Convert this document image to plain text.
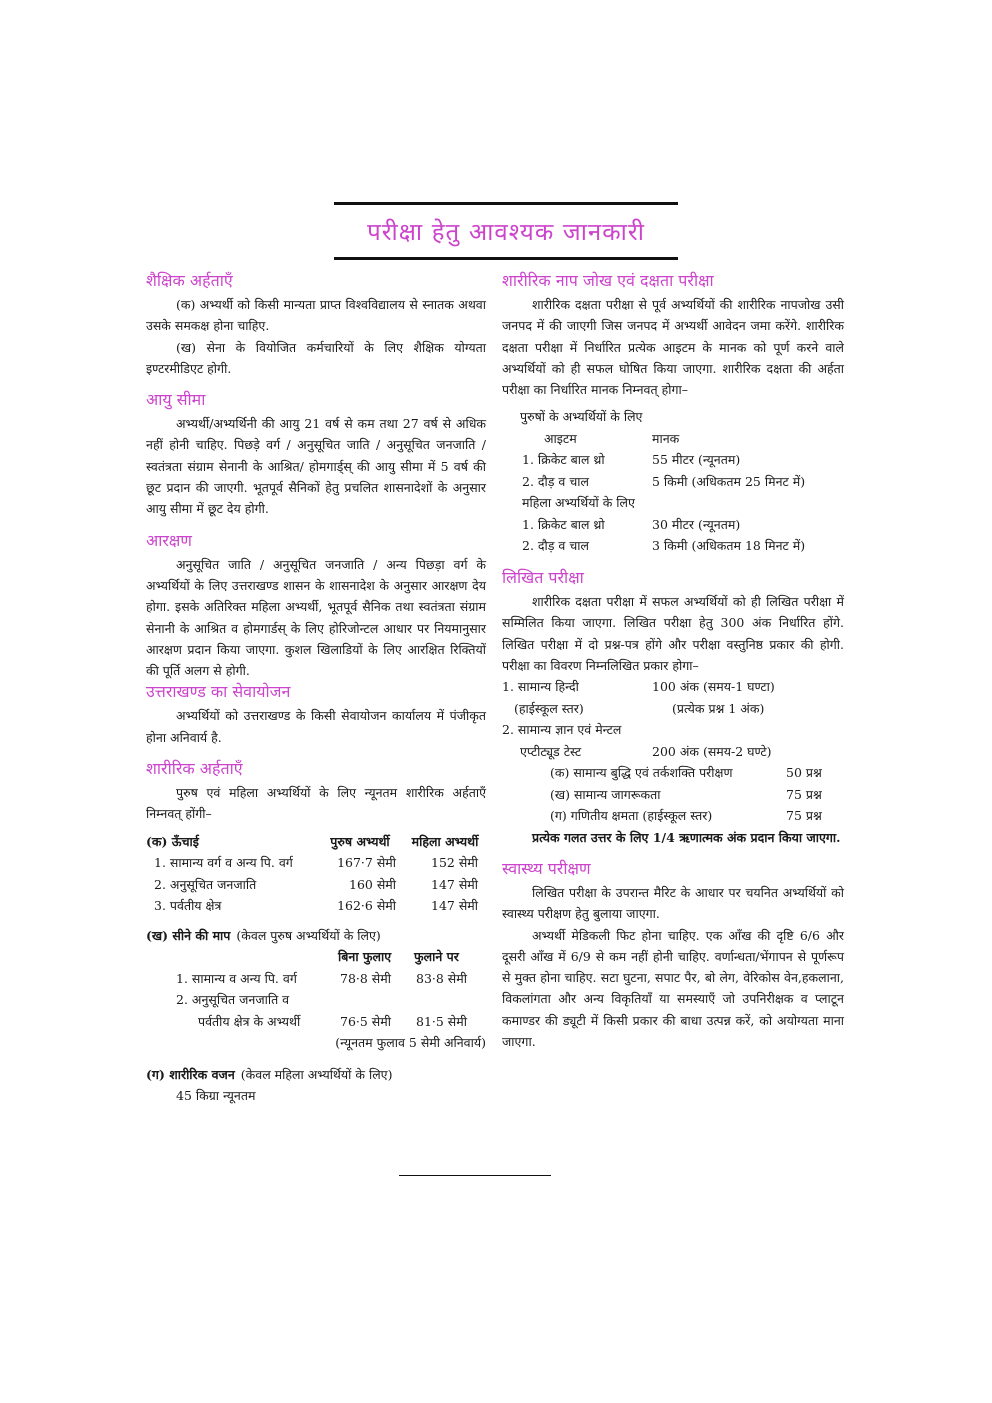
परीक्षा हेतु आवश्यक जानकारी
शैक्षिक अर्हताएँ

(क) अभ्यर्थी को किसी मान्यता प्राप्त विश्वविद्यालय से स्नातक अथवा उसके समकक्ष होना चाहिए.

(ख) सेना के वियोजित कर्मचारियों के लिए शैक्षिक योग्यता इण्टरमीडिएट होगी.

आयु सीमा

अभ्यर्थी/अभ्यर्थिनी की आयु 21 वर्ष से कम तथा 27 वर्ष से अधिक नहीं होनी चाहिए. पिछड़े वर्ग / अनुसूचित जाति / अनुसूचित जनजाति / स्वतंत्रता संग्राम सेनानी के आश्रित/ होमगार्ड्स् की आयु सीमा में 5 वर्ष की छूट प्रदान की जाएगी. भूतपूर्व सैनिकों हेतु प्रचलित शासनादेशों के अनुसार आयु सीमा में छूट देय होगी.

आरक्षण

अनुसूचित जाति / अनुसूचित जनजाति / अन्य पिछड़ा वर्ग के अभ्यर्थियों के लिए उत्तराखण्ड शासन के शासनादेश के अनुसार आरक्षण देय होगा. इसके अतिरिक्त महिला अभ्यर्थी, भूतपूर्व सैनिक तथा स्वतंत्रता संग्राम सेनानी के आश्रित व होमगार्डस् के लिए होरिजोन्टल आधार पर नियमानुसार आरक्षण प्रदान किया जाएगा. कुशल खिलाडियों के लिए आरक्षित रिक्तियों की पूर्ति अलग से होगी.

उत्तराखण्ड का सेवायोजन

अभ्यर्थियों को उत्तराखण्ड के किसी सेवायोजन कार्यालय में पंजीकृत होना अनिवार्य है.

शारीरिक अर्हताएँ

पुरुष एवं महिला अभ्यर्थियों के लिए न्यूनतम शारीरिक अर्हताएँ निम्नवत् होंगी–

(क) ऊँचाई	पुरुष अभ्यर्थी	महिला अभ्यर्थी
1. सामान्य वर्ग व अन्य पि. वर्ग	167·7 सेमी	152 सेमी
2. अनुसूचित जनजाति	160 सेमी	147 सेमी
3. पर्वतीय क्षेत्र	162·6 सेमी	147 सेमी
(ख) सीने की माप (केवल पुरुष अभ्यर्थियों के लिए)
बिना फुलाए	फुलाने पर
1. सामान्य व अन्य पि. वर्ग	78·8 सेमी	83·8 सेमी
2. अनुसूचित जनजाति व
पर्वतीय क्षेत्र के अभ्यर्थी	76·5 सेमी	81·5 सेमी
(न्यूनतम फुलाव 5 सेमी अनिवार्य)
(ग) शारीरिक वजन (केवल महिला अभ्यर्थियों के लिए)
45 किग्रा न्यूनतम
शारीरिक नाप जोख एवं दक्षता परीक्षा

शारीरिक दक्षता परीक्षा से पूर्व अभ्यर्थियों की शारीरिक नापजोख उसी जनपद में की जाएगी जिस जनपद में अभ्यर्थी आवेदन जमा करेंगे. शारीरिक दक्षता परीक्षा में निर्धारित प्रत्येक आइटम के मानक को पूर्ण करने वाले अभ्यर्थियों को ही सफल घोषित किया जाएगा. शारीरिक दक्षता की अर्हता परीक्षा का निर्धारित मानक निम्नवत् होगा–

पुरुषों के अभ्यर्थियों के लिए
आइटम	मानक
1. क्रिकेट बाल थ्रो	55 मीटर (न्यूनतम)
2. दौड़ व चाल	5 किमी (अधिकतम 25 मिनट में)
महिला अभ्यर्थियों के लिए
1. क्रिकेट बाल थ्रो	30 मीटर (न्यूनतम)
2. दौड़ व चाल	3 किमी (अधिकतम 18 मिनट में)
लिखित परीक्षा

शारीरिक दक्षता परीक्षा में सफल अभ्यर्थियों को ही लिखित परीक्षा में सम्मिलित किया जाएगा. लिखित परीक्षा हेतु 300 अंक निर्धारित होंगे. लिखित परीक्षा में दो प्रश्न-पत्र होंगे और परीक्षा वस्तुनिष्ठ प्रकार की होगी. परीक्षा का विवरण निम्नलिखित प्रकार होगा–

1. सामान्य हिन्दी	100 अंक (समय-1 घण्टा)
(हाईस्कूल स्तर)	(प्रत्येक प्रश्न 1 अंक)
2. सामान्य ज्ञान एवं मेन्टल
एप्टीट्यूड टेस्ट	200 अंक (समय-2 घण्टे)
(क) सामान्य बुद्धि एवं तर्कशक्ति परीक्षण	50 प्रश्न
(ख) सामान्य जागरूकता	75 प्रश्न
(ग) गणितीय क्षमता (हाईस्कूल स्तर)	75 प्रश्न

प्रत्येक गलत उत्तर के लिए 1/4 ऋणात्मक अंक प्रदान किया जाएगा.

स्वास्थ्य परीक्षण

लिखित परीक्षा के उपरान्त मैरिट के आधार पर चयनित अभ्यर्थियों को स्वास्थ्य परीक्षण हेतु बुलाया जाएगा.

अभ्यर्थी मेडिकली फिट होना चाहिए. एक आँख की दृष्टि 6/6 और दूसरी आँख में 6/9 से कम नहीं होनी चाहिए. वर्णान्धता/भेंगापन से पूर्णरूप से मुक्त होना चाहिए. सटा घुटना, सपाट पैर, बो लेग, वेरिकोस वेन,हकलाना, विकलांगता और अन्य विकृतियाँ या समस्याएँ जो उपनिरीक्षक व प्लाटून कमाण्डर की ड्यूटी में किसी प्रकार की बाधा उत्पन्न करें, को अयोग्यता माना जाएगा.
